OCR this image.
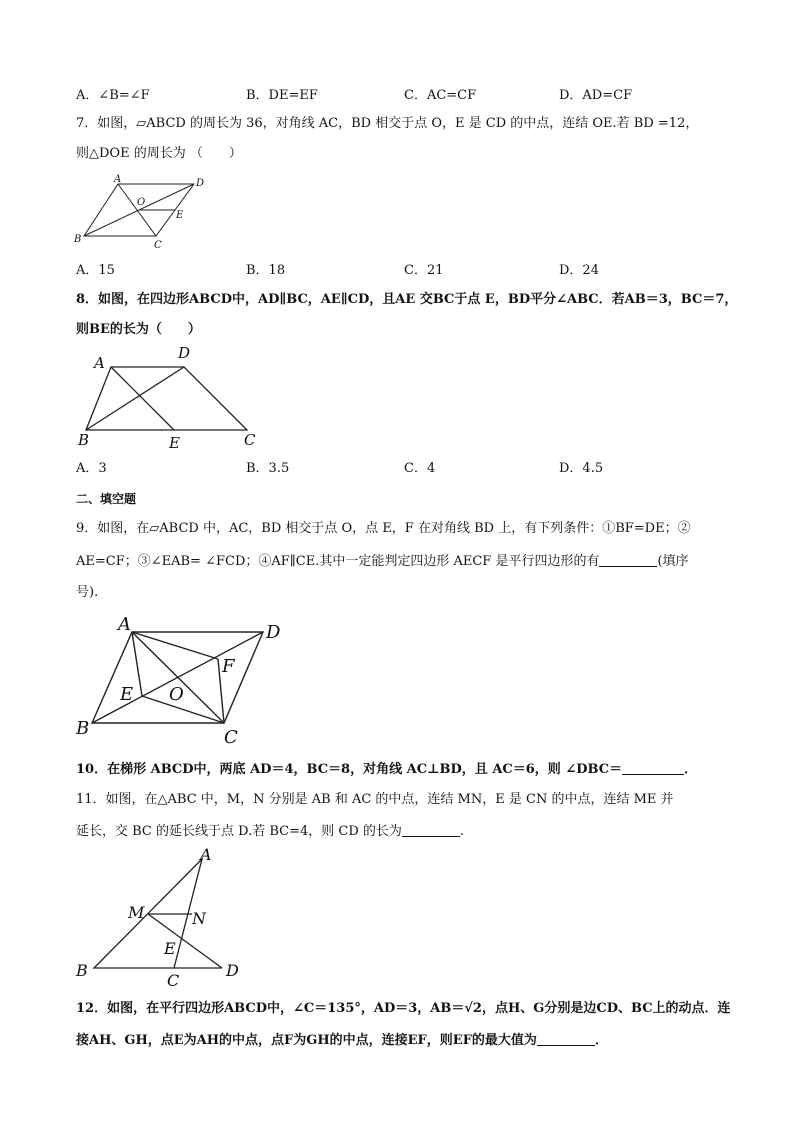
A．∠B=∠F	B．DE=EF	C．AC=CF	D．AD=CF
7．如图，▱ABCD 的周长为 36，对角线 AC，BD 相交于点 O，E 是 CD 的中点，连结 OE.若 BD =12，
则△DOE 的周长为 （　　）
A	D
O
E
B
C
A．15	B．18	C．21	D．24
8．如图，在四边形ABCD中，AD∥BC，AE∥CD，且AE 交BC于点 E，BD平分∠ABC．若AB＝3，BC＝7，
则BE的长为（　　）
A
D
B	E	C
A．3	B．3.5	C．4	D．4.5
二、填空题
9．如图，在▱ABCD 中，AC，BD 相交于点 O，点 E，F 在对角线 BD 上，有下列条件：①BF=DE；②
AE=CF；③∠EAB= ∠FCD；④AF∥CE.其中一定能判定四边形 AECF 是平行四边形的有	(填序
号).
A	D
F
E O
B	C
10．在梯形 ABCD中，两底 AD＝4，BC＝8，对角线 AC⊥BD，且 AC＝6，则 ∠DBC＝	．
11．如图，在△ABC 中，M，N 分别是 AB 和 AC 的中点，连结 MN，E 是 CN 的中点，连结 ME 并
延长，交 BC 的延长线于点 D.若 BC=4，则 CD 的长为	.
A
M	N
E
B
C
D
12．如图，在平行四边形ABCD中，∠C＝135°，AD＝3，AB＝√2，点H、G分别是边CD、BC上的动点．连
接AH、GH，点E为AH的中点，点F为GH的中点，连接EF，则EF的最大值为	．
